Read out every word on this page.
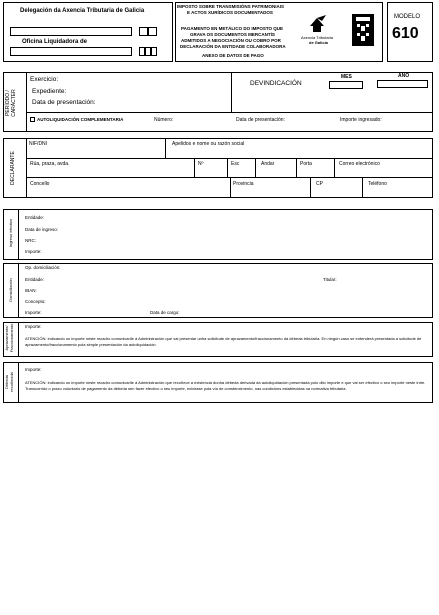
Delegación da Axencia Tributaria de Galicia
Oficina Liquidadora de
IMPOSTO SOBRE TRANSMISIÓNS PATRIMONIAIS
E ACTOS XURÍDICOS DOCUMENTADOS
PAGAMENTO EN METÁLICO DO IMPOSTO QUE
GRAVA OS DOCUMENTOS MERCANTÍS
ADMITIDOS A NEGOCIACIÓN OU COBRO POR
DECLARACIÓN DA ENTIDADE COLABORADORA
ANEXO DE DATOS DE PAGO
Axencia Tributaria
de Galicia
MODELO
610
PERÍODO / CARÁCTER
Exercicio:
Expediente:
Data de presentación:
DEVINDICACIÓN
MES	ANO
AUTOLIQUIDACIÓN COMPLEMENTARIA	Número:	Data de presentación:	Importe ingresado:
DECLARANTE
NIF/DNI	Apelidos e nome ou razón social
Rúa, praza, avda.	Nº	Esc	Andar	Porta	Correo electrónico
Concello	Provincia	CP	Teléfono
Ingreso efectivo
Entidade:
Data de ingreso:
NRC:
Importe:
Domiciliación
Op. domiciliación:
Entidade:	Titular:
IBAN:
Concepto:
Importe:	Data de cargo:
Aprazamento/ Fraccionamento Importe:
ATENCIÓN: indicando un importe neste recadro comunicarlle á Administración que vai presentar unha solicitude de aprazamento/fraccionamento da débeda tributaria. En ningún caso se entenderá presentada a solicitude de aprazamento/fraccionamento pola simple presentación da autoliquidación.
Débeda recoñecida
Importe:
ATENCIÓN: indicando un importe neste recadro comunicarlle á Administración que recoñece a existencia dunha débeda derivada da autoliquidación presentada polo dito importe e que vai ser efectivo o seu importe neste intre. Transcorrido o prazo voluntario de pagamento da débeda sen facer efectivo o seu importe, exixirase pola vía de constrinximento, nas condicións establecidas na normativa tributaria.
